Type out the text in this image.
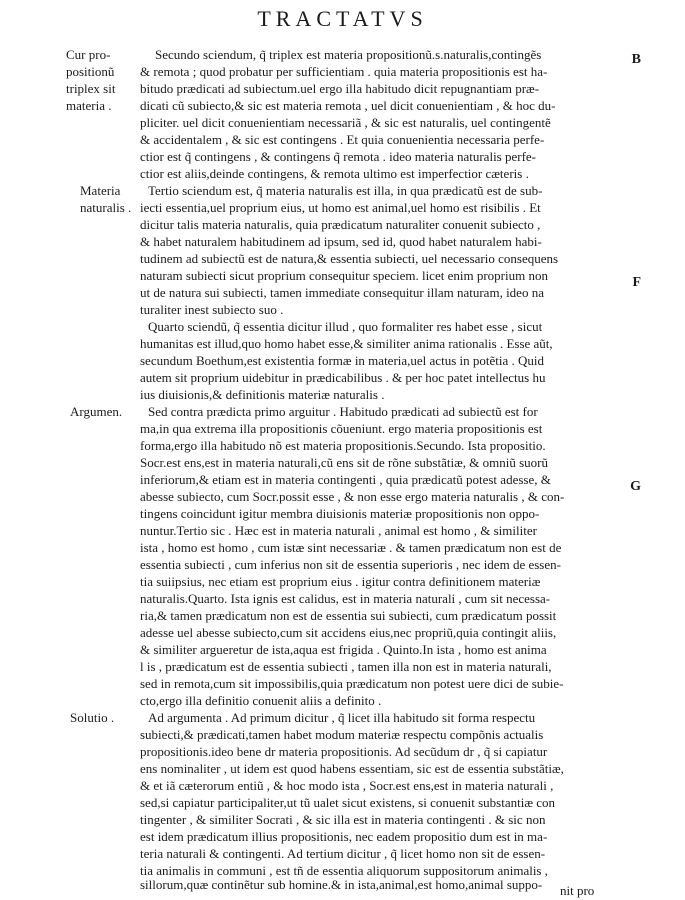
TRACTATVS
B
F
G
Cur pro-
positionũ
triplex sit
materia .
Materia
naturalis .
Argumen.
Solutio .
Secundo sciendum, q̃ triplex est materia propositionũ.s.naturalis,contingẽs
& remota ; quod probatur per sufficientiam . quia materia propositionis est ha-
bitudo prædicati ad subiectum.uel ergo illa habitudo dicit repugnantiam præ-
dicati cũ subiecto,& sic est materia remota , uel dicit conuenientiam , & hoc du-
pliciter. uel dicit conuenientiam necessariã , & sic est naturalis, uel contingentẽ
& accidentalem , & sic est contingens . Et quia conuenientia necessaria perfe-
ctior est q̃ contingens , & contingens q̃ remota . ideo materia naturalis perfe-
ctior est aliis,deinde contingens, & remota ultimo est imperfectior cæteris .
Tertio sciendum est, q̃ materia naturalis est illa, in qua prædicatũ est de sub-
iecti essentia,uel proprium eius, ut homo est animal,uel homo est risibilis . Et
dicitur talis materia naturalis, quia prædicatum naturaliter conuenit subiecto ,
& habet naturalem habitudinem ad ipsum, sed id, quod habet naturalem habi-
tudinem ad subiectũ est de natura,& essentia subiecti, uel necessario consequens
naturam subiecti sicut proprium consequitur speciem. licet enim proprium non
ut de natura sui subiecti, tamen immediate consequitur illam naturam, ideo na
turaliter inest subiecto suo .
Quarto sciendũ, q̃ essentia dicitur illud , quo formaliter res habet esse , sicut
humanitas est illud,quo homo habet esse,& similiter anima rationalis . Esse aũt,
secundum Boethum,est existentia formæ in materia,uel actus in potẽtia . Quid
autem sit proprium uidebitur in prædicabilibus . & per hoc patet intellectus hu
ius diuisionis,& definitionis materiæ naturalis .
Sed contra prædicta primo arguitur . Habitudo prædicati ad subiectũ est for
ma,in qua extrema illa propositionis cõueniunt. ergo materia propositionis est
forma,ergo illa habitudo nõ est materia propositionis.Secundo. Ista propositio.
Socr.est ens,est in materia naturali,cũ ens sit de rõne substãtiæ, & omniũ suorũ
inferiorum,& etiam est in materia contingenti , quia prædicatũ potest adesse, &
abesse subiecto, cum Socr.possit esse , & non esse ergo materia naturalis , & con-
tingens coincidunt igitur membra diuisionis materiæ propositionis non oppo-
nuntur.Tertio sic . Hæc est in materia naturali , animal est homo , & similiter
ista , homo est homo , cum istæ sint necessariæ . & tamen prædicatum non est de
essentia subiecti , cum inferius non sit de essentia superioris , nec idem de essen-
tia suiipsius, nec etiam est proprium eius . igitur contra definitionem materiæ
naturalis.Quarto. Ista ignis est calidus, est in materia naturali , cum sit necessa-
ria,& tamen prædicatum non est de essentia sui subiecti, cum prædicatum possit
adesse uel abesse subiecto,cum sit accidens eius,nec propriũ,quia contingit aliis,
& similiter argueretur de ista,aqua est frigida . Quinto.In ista , homo est anima
l is , prædicatum est de essentia subiecti , tamen illa non est in materia naturali,
sed in remota,cum sit impossibilis,quia prædicatum non potest uere dici de subie-
cto,ergo illa definitio conuenit aliis a definito .
Ad argumenta . Ad primum dicitur , q̃ licet illa habitudo sit forma respectu
subiecti,& prædicati,tamen habet modum materiæ respectu compõnis actualis
propositionis.ideo bene dr materia propositionis. Ad secũdum dr , q̃ si capiatur
ens nominaliter , ut idem est quod habens essentiam, sic est de essentia substãtiæ,
& et iã cæterorum entiũ , & hoc modo ista , Socr.est ens,est in materia naturali ,
sed,si capiatur participaliter,ut tũ ualet sicut existens, si conuenit substantiæ con
tingenter , & similiter Socrati , & sic illa est in materia contingenti . & sic non
est idem prædicatum illius propositionis, nec eadem propositio dum est in ma-
teria naturali & contingenti. Ad tertium dicitur , q̃ licet homo non sit de essen-
tia animalis in communi , est tñ de essentia aliquorum suppositorum animalis ,
sillorum,quæ continẽtur sub homine.& in ista,animal,est homo,animal suppo-	nit pro
